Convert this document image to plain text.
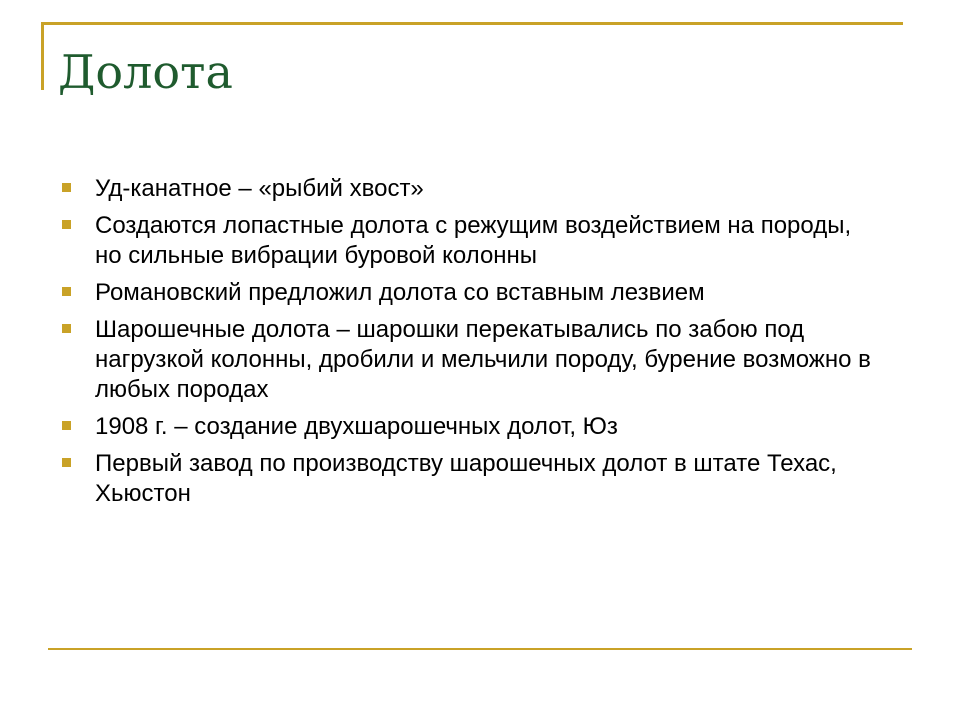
Долота
Уд-канатное – «рыбий хвост»
Создаются лопастные долота с режущим воздействием на породы, но сильные вибрации буровой колонны
Романовский предложил долота со вставным лезвием
Шарошечные долота – шарошки перекатывались по забою под нагрузкой колонны, дробили и мельчили породу, бурение возможно в любых породах
1908 г. – создание двухшарошечных долот, Юз
Первый завод по производству шарошечных долот в штате Техас, Хьюстон
